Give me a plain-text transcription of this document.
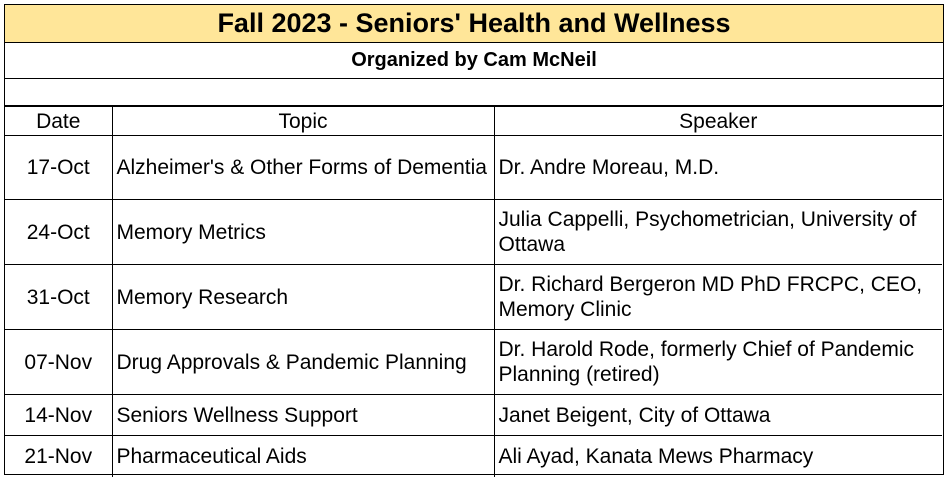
Fall 2023 - Seniors' Health and Wellness
Organized by Cam McNeil
Date	Topic	Speaker
17-Oct	Alzheimer's & Other Forms of Dementia	Dr. Andre Moreau, M.D.
24-Oct	Memory Metrics	Julia Cappelli, Psychometrician, University of Ottawa
31-Oct	Memory Research	Dr. Richard Bergeron MD PhD FRCPC, CEO, Memory Clinic
07-Nov	Drug Approvals & Pandemic Planning	Dr. Harold Rode, formerly Chief of Pandemic Planning (retired)
14-Nov	Seniors Wellness Support	Janet Beigent, City of Ottawa
21-Nov	Pharmaceutical Aids	Ali Ayad, Kanata Mews Pharmacy
